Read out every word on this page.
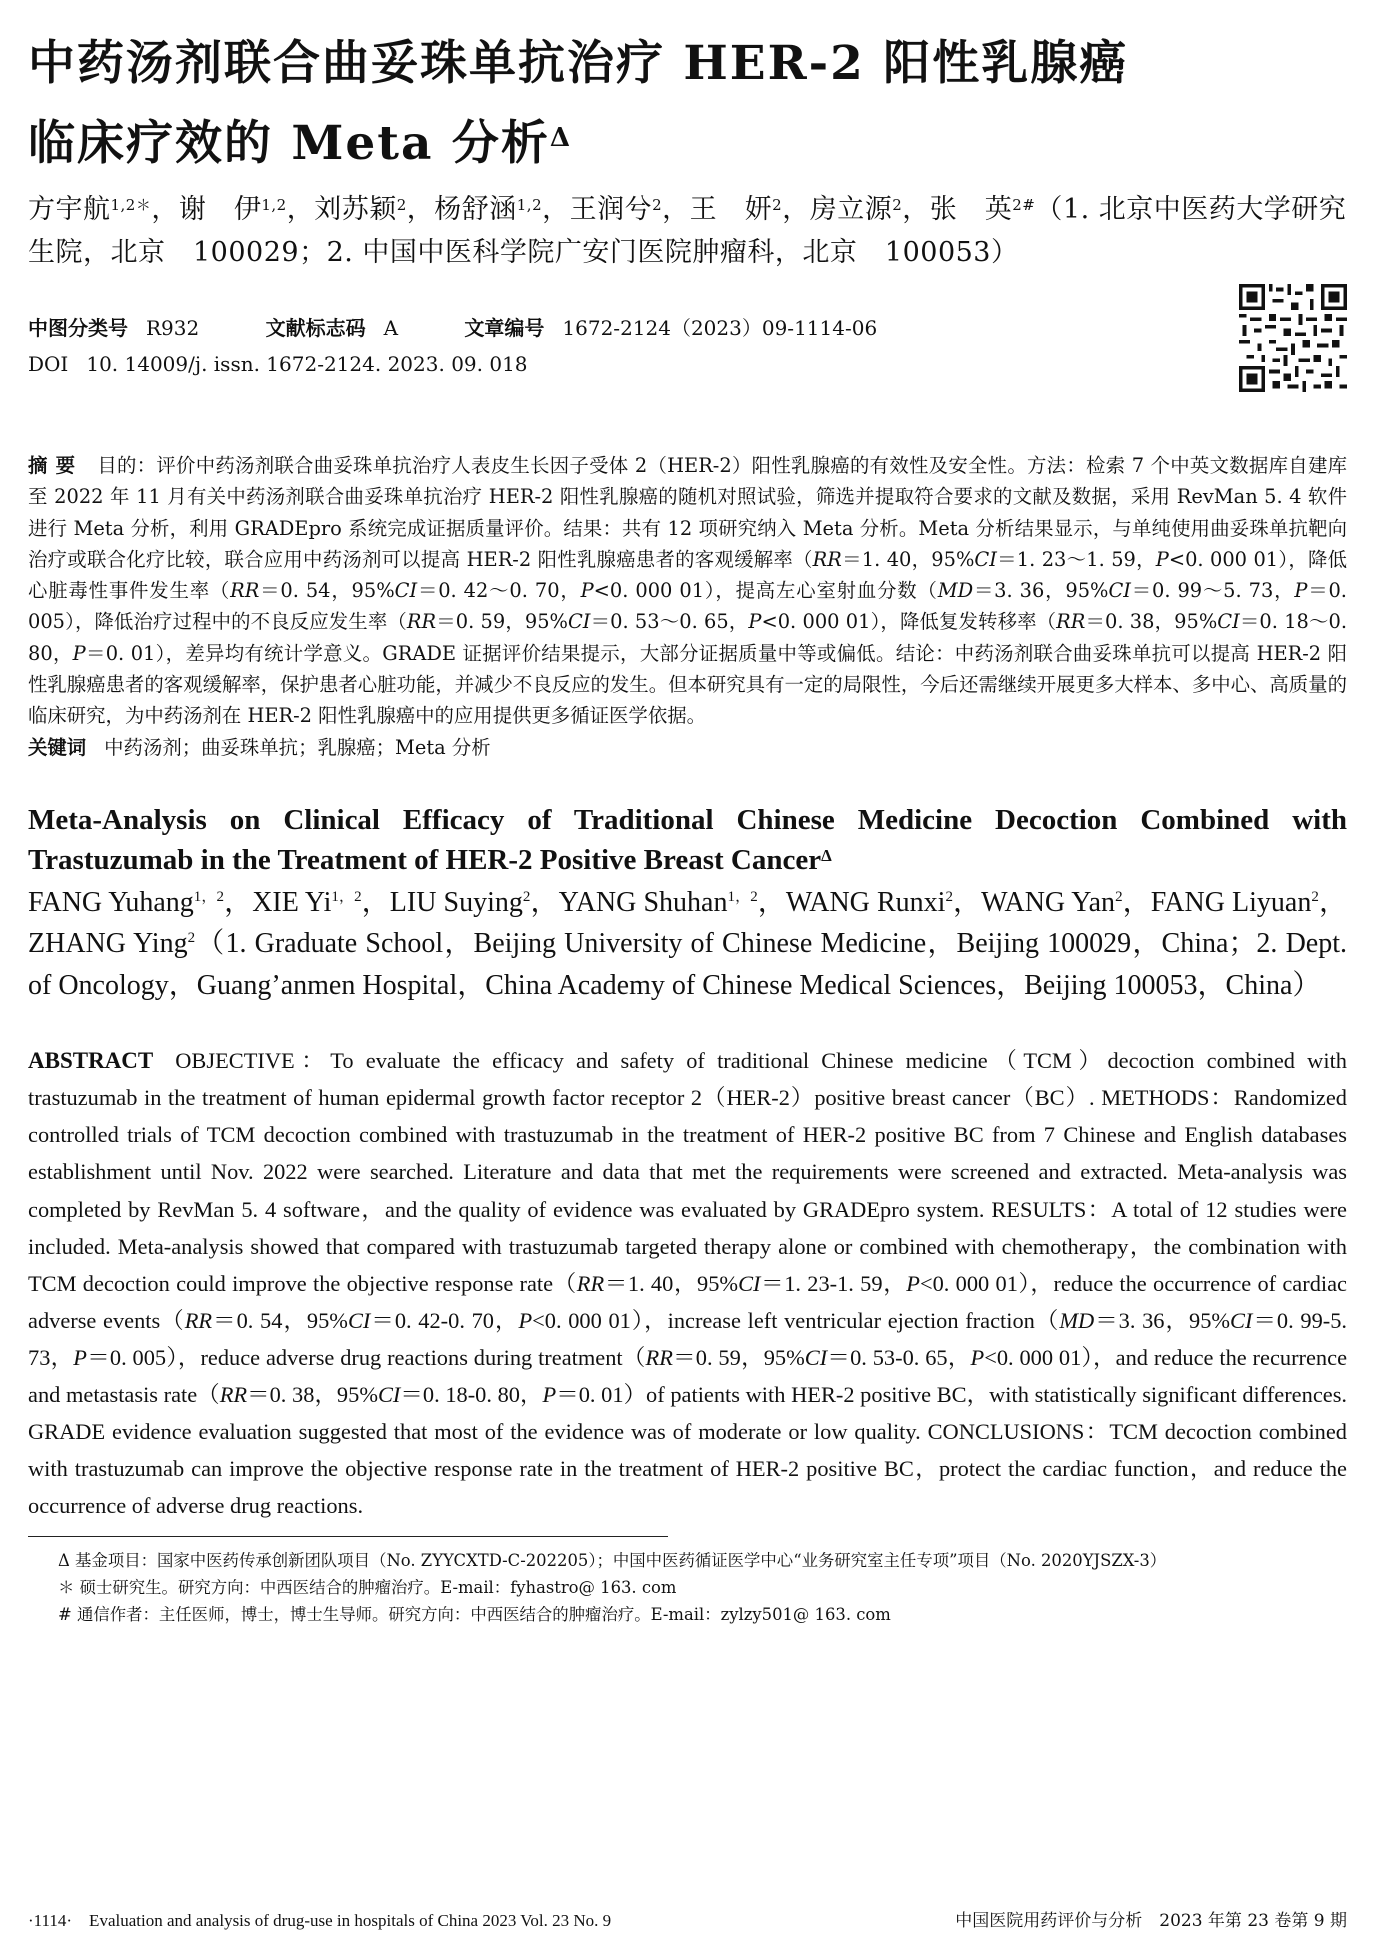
中药汤剂联合曲妥珠单抗治疗 HER-2 阳性乳腺癌
临床疗效的 Meta 分析$^\Delta$
方宇航$^{1,2*}$，谢　伊$^{1,2}$，刘苏颖$^2$，杨舒涵$^{1,2}$，王润兮$^2$，王　妍$^2$，房立源$^2$，张　英$^{2\#}$（1. 北京中医药大学研究生院，北京　100029；2. 中国中医科学院广安门医院肿瘤科，北京　100053）
中图分类号 R932	文献标志码 A	文章编号 1672-2124（2023）09-1114-06
DOI 10. 14009/j. issn. 1672-2124. 2023. 09. 018
摘要 目的：评价中药汤剂联合曲妥珠单抗治疗人表皮生长因子受体 2（HER-2）阳性乳腺癌的有效性及安全性。方法：检索 7 个中英文数据库自建库至 2022 年 11 月有关中药汤剂联合曲妥珠单抗治疗 HER-2 阳性乳腺癌的随机对照试验，筛选并提取符合要求的文献及数据，采用 RevMan 5. 4 软件进行 Meta 分析，利用 GRADEpro 系统完成证据质量评价。结果：共有 12 项研究纳入 Meta 分析。Meta 分析结果显示，与单纯使用曲妥珠单抗靶向治疗或联合化疗比较，联合应用中药汤剂可以提高 HER-2 阳性乳腺癌患者的客观缓解率（RR＝1. 40，95%CI＝1. 23～1. 59，P<0. 000 01），降低心脏毒性事件发生率（RR＝0. 54，95%CI＝0. 42～0. 70，P<0. 000 01），提高左心室射血分数（MD＝3. 36，95%CI＝0. 99～5. 73，P＝0. 005），降低治疗过程中的不良反应发生率（RR＝0. 59，95%CI＝0. 53～0. 65，P<0. 000 01），降低复发转移率（RR＝0. 38，95%CI＝0. 18～0. 80，P＝0. 01），差异均有统计学意义。GRADE 证据评价结果提示，大部分证据质量中等或偏低。结论：中药汤剂联合曲妥珠单抗可以提高 HER-2 阳性乳腺癌患者的客观缓解率，保护患者心脏功能，并减少不良反应的发生。但本研究具有一定的局限性，今后还需继续开展更多大样本、多中心、高质量的临床研究，为中药汤剂在 HER-2 阳性乳腺癌中的应用提供更多循证医学依据。
关键词 中药汤剂；曲妥珠单抗；乳腺癌；Meta 分析
Meta-Analysis on Clinical Efficacy of Traditional Chinese Medicine Decoction Combined with Trastuzumab in the Treatment of HER-2 Positive Breast Cancer$^\Delta$
FANG Yuhang$^{1,2}$，XIE $Yi^{1,2}$，LIU Suying$^2$，YANG Shuhan$^{1,2}$，WANG Runxi$^2$，WANG Yan$^2$，FANG Liyuan$^2$，ZHANG Ying$^2$（1. Graduate School，Beijing University of Chinese Medicine，Beijing 100029，China；2. Dept. of Oncology，Guang’anmen Hospital，China Academy of Chinese Medical Sciences，Beijing 100053，China）
ABSTRACT OBJECTIVE：To evaluate the efficacy and safety of traditional Chinese medicine（TCM）decoction combined with trastuzumab in the treatment of human epidermal growth factor receptor 2（HER-2）positive breast cancer（BC）. METHODS：Randomized controlled trials of TCM decoction combined with trastuzumab in the treatment of HER-2 positive BC from 7 Chinese and English databases establishment until Nov. 2022 were searched. Literature and data that met the requirements were screened and extracted. Meta-analysis was completed by RevMan 5. 4 software，and the quality of evidence was evaluated by GRADEpro system. RESULTS：A total of 12 studies were included. Meta-analysis showed that compared with trastuzumab targeted therapy alone or combined with chemotherapy，the combination with TCM decoction could improve the objective response rate（RR＝1. 40，95%CI＝1. 23-1. 59，P<0. 000 01），reduce the occurrence of cardiac adverse events（RR＝0. 54，95%CI＝0. 42-0. 70，P<0. 000 01），increase left ventricular ejection fraction（MD＝3. 36，95%CI＝0. 99-5. 73，P＝0. 005），reduce adverse drug reactions during treatment（RR＝0. 59，95%CI＝0. 53-0. 65，P<0. 000 01），and reduce the recurrence and metastasis rate（RR＝0. 38，95%CI＝0. 18-0. 80，P＝0. 01）of patients with HER-2 positive BC，with statistically significant differences. GRADE evidence evaluation suggested that most of the evidence was of moderate or low quality. CONCLUSIONS：TCM decoction combined with trastuzumab can improve the objective response rate in the treatment of HER-2 positive BC，protect the cardiac function，and reduce the occurrence of adverse drug reactions.
Δ 基金项目：国家中医药传承创新团队项目（No. ZYYCXTD-C-202205）；中国中医药循证医学中心“业务研究室主任专项”项目（No. 2020YJSZX-3）
＊ 硕士研究生。研究方向：中西医结合的肿瘤治疗。E-mail：fyhastro@ 163. com
# 通信作者：主任医师，博士，博士生导师。研究方向：中西医结合的肿瘤治疗。E-mail：zylzy501@ 163. com
·1114·　Evaluation and analysis of drug-use in hospitals of China 2023 Vol. 23 No. 9	中国医院用药评价与分析　2023 年第 23 卷第 9 期
